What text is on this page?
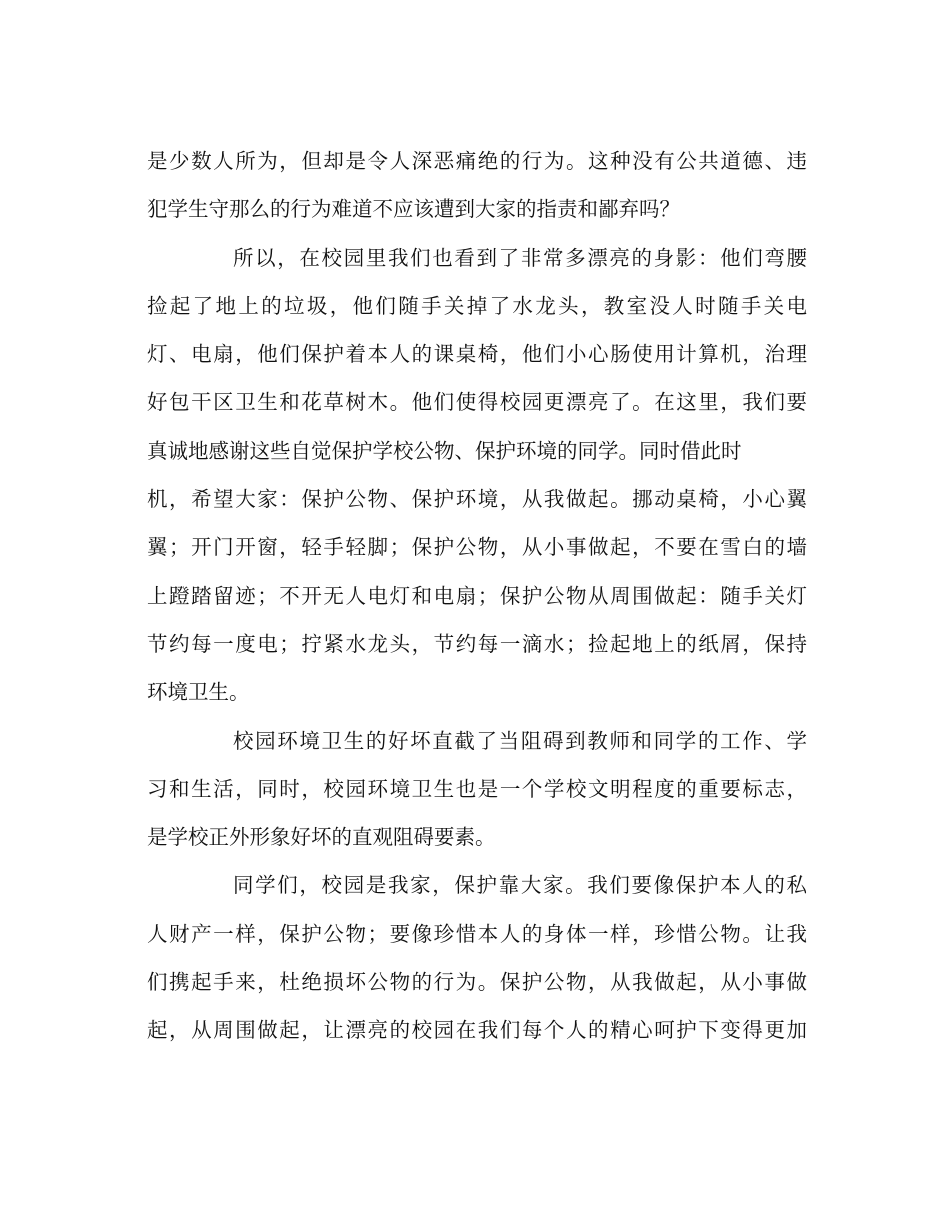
是少数人所为，但却是令人深恶痛绝的行为。这种没有公共道德、违
犯学生守那么的行为难道不应该遭到大家的指责和鄙弃吗？
所以，在校园里我们也看到了非常多漂亮的身影：他们弯腰
捡起了地上的垃圾，他们随手关掉了水龙头，教室没人时随手关电
灯、电扇，他们保护着本人的课桌椅，他们小心肠使用计算机，治理
好包干区卫生和花草树木。他们使得校园更漂亮了。在这里，我们要
真诚地感谢这些自觉保护学校公物、保护环境的同学。同时借此时
机，希望大家：保护公物、保护环境，从我做起。挪动桌椅，小心翼
翼；开门开窗，轻手轻脚；保护公物，从小事做起，不要在雪白的墙
上蹬踏留迹；不开无人电灯和电扇；保护公物从周围做起：随手关灯
节约每一度电；拧紧水龙头，节约每一滴水；捡起地上的纸屑，保持
环境卫生。
校园环境卫生的好坏直截了当阻碍到教师和同学的工作、学
习和生活，同时，校园环境卫生也是一个学校文明程度的重要标志，
是学校正外形象好坏的直观阻碍要素。
同学们，校园是我家，保护靠大家。我们要像保护本人的私
人财产一样，保护公物；要像珍惜本人的身体一样，珍惜公物。让我
们携起手来，杜绝损坏公物的行为。保护公物，从我做起，从小事做
起，从周围做起，让漂亮的校园在我们每个人的精心呵护下变得更加
